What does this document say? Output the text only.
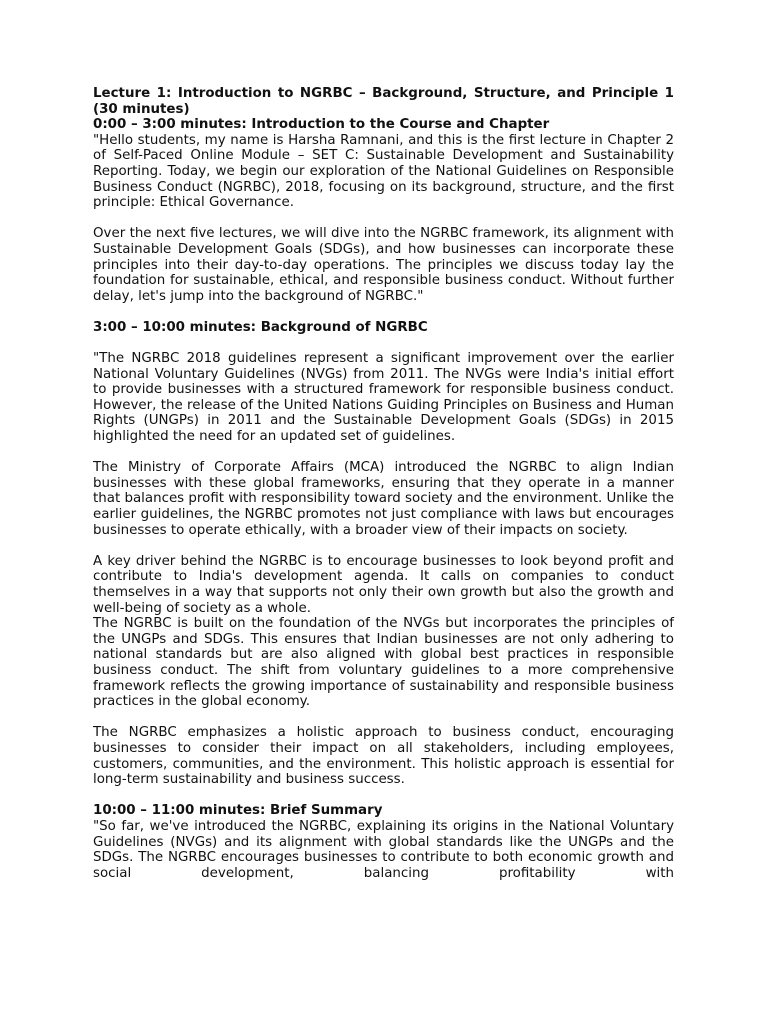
Lecture 1: Introduction to NGRBC – Background, Structure, and Principle 1 (30 minutes)

0:00 – 3:00 minutes: Introduction to the Course and Chapter

"Hello students, my name is Harsha Ramnani, and this is the first lecture in Chapter 2 of Self-Paced Online Module – SET C: Sustainable Development and Sustainability Reporting. Today, we begin our exploration of the National Guidelines on Responsible Business Conduct (NGRBC), 2018, focusing on its background, structure, and the first principle: Ethical Governance.

Over the next five lectures, we will dive into the NGRBC framework, its alignment with Sustainable Development Goals (SDGs), and how businesses can incorporate these principles into their day-to-day operations. The principles we discuss today lay the foundation for sustainable, ethical, and responsible business conduct. Without further delay, let's jump into the background of NGRBC."

3:00 – 10:00 minutes: Background of NGRBC

"The NGRBC 2018 guidelines represent a significant improvement over the earlier National Voluntary Guidelines (NVGs) from 2011. The NVGs were India's initial effort to provide businesses with a structured framework for responsible business conduct. However, the release of the United Nations Guiding Principles on Business and Human Rights (UNGPs) in 2011 and the Sustainable Development Goals (SDGs) in 2015 highlighted the need for an updated set of guidelines.

The Ministry of Corporate Affairs (MCA) introduced the NGRBC to align Indian businesses with these global frameworks, ensuring that they operate in a manner that balances profit with responsibility toward society and the environment. Unlike the earlier guidelines, the NGRBC promotes not just compliance with laws but encourages businesses to operate ethically, with a broader view of their impacts on society.

A key driver behind the NGRBC is to encourage businesses to look beyond profit and contribute to India's development agenda. It calls on companies to conduct themselves in a way that supports not only their own growth but also the growth and well-being of society as a whole.

The NGRBC is built on the foundation of the NVGs but incorporates the principles of the UNGPs and SDGs. This ensures that Indian businesses are not only adhering to national standards but are also aligned with global best practices in responsible business conduct. The shift from voluntary guidelines to a more comprehensive framework reflects the growing importance of sustainability and responsible business practices in the global economy.

The NGRBC emphasizes a holistic approach to business conduct, encouraging businesses to consider their impact on all stakeholders, including employees, customers, communities, and the environment. This holistic approach is essential for long-term sustainability and business success.

10:00 – 11:00 minutes: Brief Summary

"So far, we've introduced the NGRBC, explaining its origins in the National Voluntary Guidelines (NVGs) and its alignment with global standards like the UNGPs and the SDGs. The NGRBC encourages businesses to contribute to both economic growth and social development, balancing profitability with
